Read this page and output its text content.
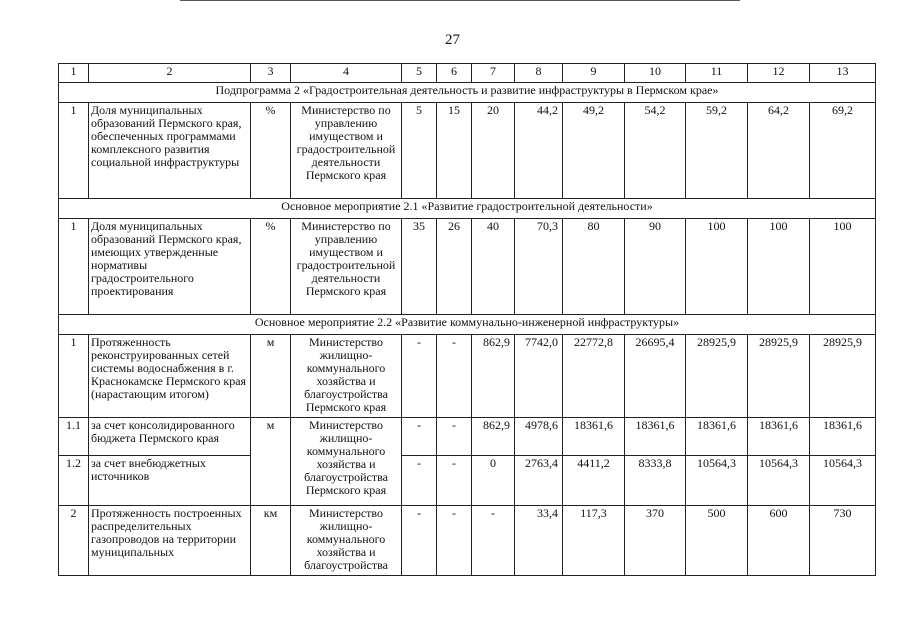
27
1	2	3	4	5	6	7	8	9	10	11	12	13
Подпрограмма 2 «Градостроительная деятельность и развитие инфраструктуры в Пермском крае»												
1	Доля муниципальных образований Пермского края, обеспеченных программами комплексного развития социальной инфраструктуры	%	Министерство по управлению имуществом и градостроительной деятельности Пермского края	5	15	20	44,2	49,2	54,2	59,2	64,2	69,2
Основное мероприятие 2.1 «Развитие градостроительной деятельности»												
1	Доля муниципальных образований Пермского края, имеющих утвержденные нормативы градостроительного проектирования	%	Министерство по управлению имуществом и градостроительной деятельности Пермского края	35	26	40	70,3	80	90	100	100	100
Основное мероприятие 2.2 «Развитие коммунально-инженерной инфраструктуры»												
1	Протяженность реконструированных сетей системы водоснабжения в г. Краснокамске Пермского края (нарастающим итогом)	м	Министерство жилищно-коммунального хозяйства и благоустройства Пермского края	-	-	862,9	7742,0	22772,8	26695,4	28925,9	28925,9	28925,9
1.1	за счет консолидированного бюджета Пермского края	м	Министерство жилищно-коммунального хозяйства и благоустройства Пермского края	-	-	862,9	4978,6	18361,6	18361,6	18361,6	18361,6	18361,6
1.2	за счет внебюджетных источников			-	-	0	2763,4	4411,2	8333,8	10564,3	10564,3	10564,3
2	Протяженность построенных распределительных газопроводов на территории муниципальных	км	Министерство жилищно-коммунального хозяйства и благоустройства	-	-	-	33,4	117,3	370	500	600	730
